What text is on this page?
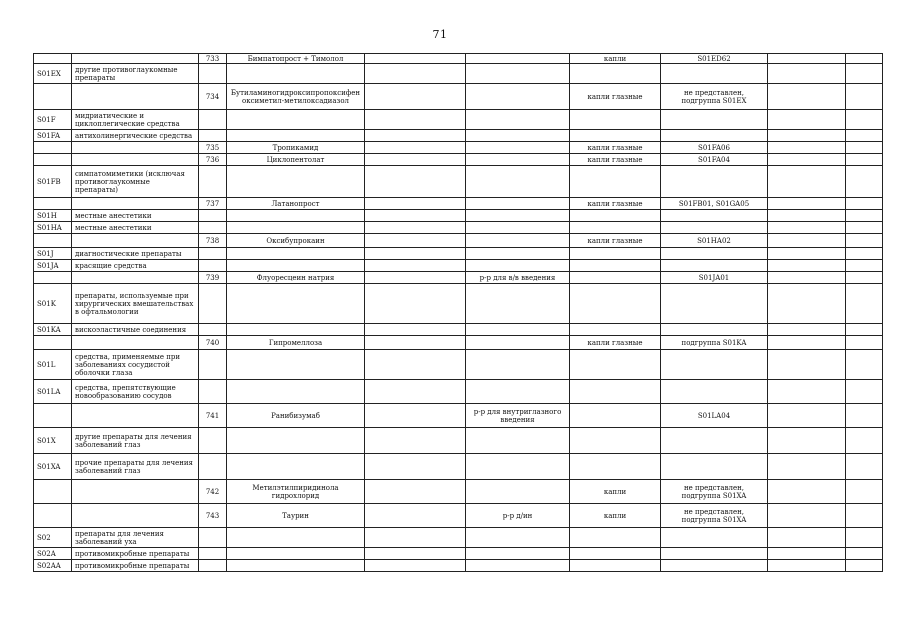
71
		733	Бимпатопрост + Тимолол			капли	S01ED62		
S01EX	другие противоглаукомные препараты								
		734	Бутиламиногидроксипропоксифен оксиметил-метилоксадиазол			капли глазные	не представлен, подгруппа S01EX		
S01F	мидриатические и циклоплегические средства								
S01FA	антихолинергические средства								
		735	Тропикамид			капли глазные	S01FA06		
		736	Циклопентолат			капли глазные	S01FA04		
S01FB	симпатомиметики (исключая противоглаукомные препараты)								
		737	Латанопрост			капли глазные	S01FB01, S01GA05		
S01H	местные анестетики								
S01HA	местные анестетики								
		738	Оксибупрокаин			капли глазные	S01HA02		
S01J	диагностические препараты								
S01JA	красящие средства								
		739	Флуоресцеин натрия		р-р для в/в введения		S01JA01		
S01K	препараты, используемые при хирургических вмешательствах в офтальмологии								
S01KA	вискоэластичные соединения								
		740	Гипромеллоза			капли глазные	подгруппа S01KA		
S01L	средства, применяемые при заболеваниях сосудистой оболочки глаза								
S01LA	средства, препятствующие новообразованию сосудов								
		741	Ранибизумаб		р-р для внутриглазного введения		S01LA04		
S01X	другие препараты для лечения заболеваний глаз								
S01XA	прочие препараты для лечения заболеваний глаз								
		742	Метилэтилпиридинола гидрохлорид			капли	не представлен, подгруппа S01XA		
		743	Таурин		р-р д/ин	капли	не представлен, подгруппа S01XA		
S02	препараты для лечения заболеваний уха								
S02A	противомикробные препараты								
S02AA	противомикробные препараты								
